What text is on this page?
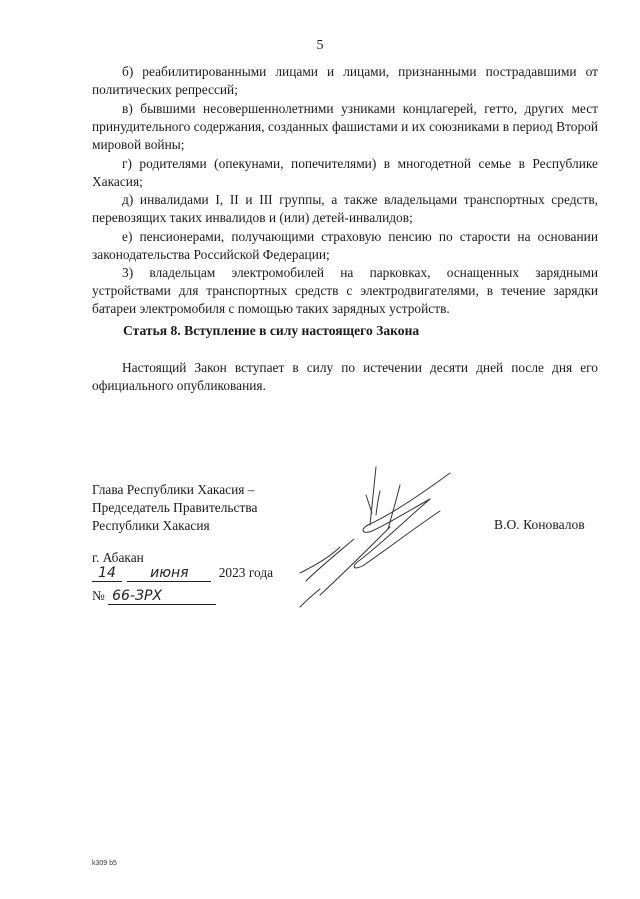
5

б) реабилитированными лицами и лицами, признанными пострадавшими от политических репрессий;

в) бывшими несовершеннолетними узниками концлагерей, гетто, других мест принудительного содержания, созданных фашистами и их союзниками в период Второй мировой войны;

г) родителями (опекунами, попечителями) в многодетной семье в Республике Хакасия;

д) инвалидами I, II и III группы, а также владельцами транспортных средств, перевозящих таких инвалидов и (или) детей-инвалидов;

е) пенсионерами, получающими страховую пенсию по старости на основании законодательства Российской Федерации;

3) владельцам электромобилей на парковках, оснащенных зарядными устройствами для транспортных средств с электродвигателями, в течение зарядки батареи электромобиля с помощью таких зарядных устройств.

Статья 8. Вступление в силу настоящего Закона

Настоящий Закон вступает в силу по истечении десяти дней после дня его официального опубликования.

Глава Республики Хакасия –
Председатель Правительства
Республики Хакасия	В.О. Коновалов
г. Абакан
14 июня 2023 года
№ 66-ЗРХ
k309 b5
